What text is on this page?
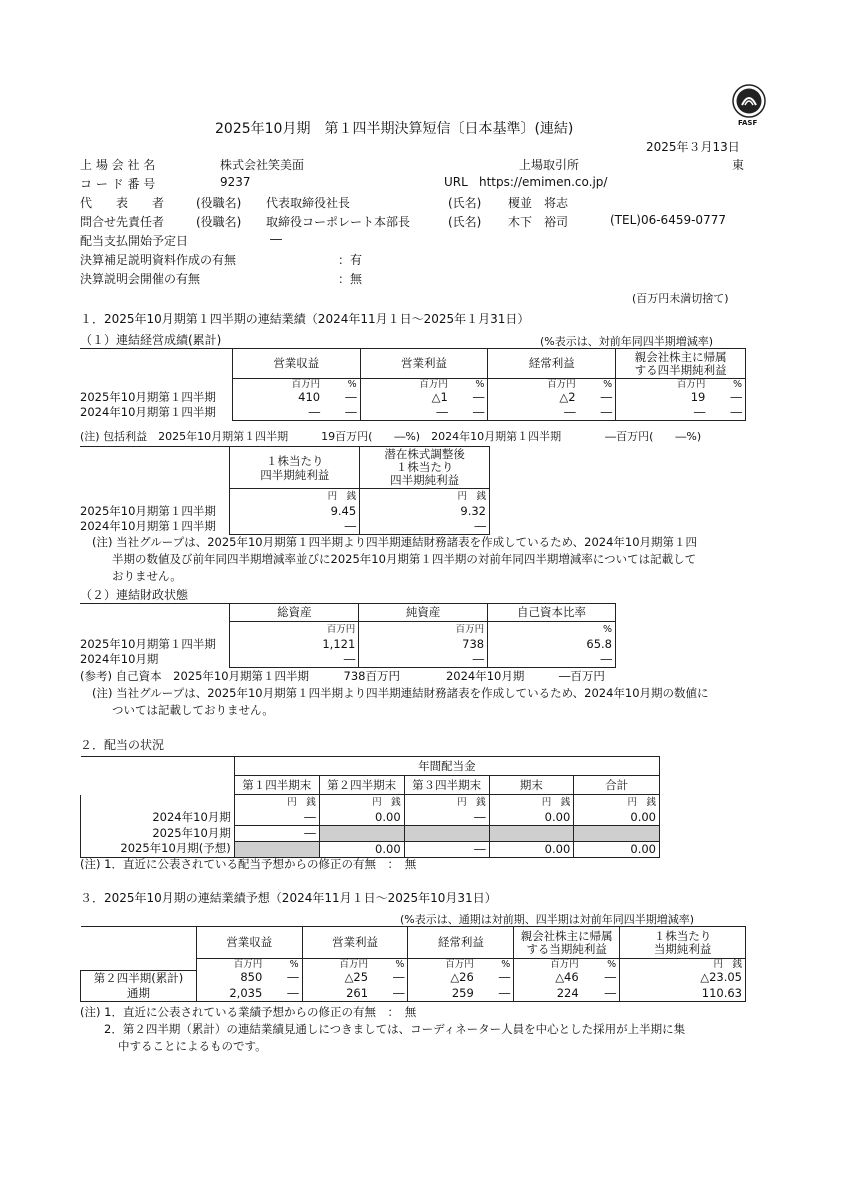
FASF
2025年10月期　第１四半期決算短信〔日本基準〕(連結)
2025年３月13日
上 場 会 社 名	株式会社笑美面	上場取引所	東
コ ー ド 番 号	9237	URL https://emimen.co.jp/
代　　表　　者	(役職名) 代表取締役社長	(氏名) 榎並　将志
問合せ先責任者	(役職名) 取締役コーポレート本部長	(氏名) 木下　裕司	(TEL)06-6459-0777
配当支払開始予定日	―
決算補足説明資料作成の有無	：有
決算説明会開催の有無	：無
(百万円未満切捨て)
１．2025年10月期第１四半期の連結業績（2024年11月１日～2025年１月31日）
（１）連結経営成績(累計)	(%表示は、対前年同四半期増減率)
	営業収益		営業利益		経常利益		親会社株主に帰属
する四半期純利益	
	百万円	%	百万円	%	百万円	%	百万円	%
2025年10月期第１四半期	410	―	△1	―	△2	―	19	―
2024年10月期第１四半期	―	―	―	―	―	―	―	―
(注) 包括利益　2025年10月期第１四半期　　　19百万円(　　―%)　2024年10月期第１四半期　　　　―百万円(　　―%)
	１株当たり
四半期純利益	潜在株式調整後
１株当たり
四半期純利益
	円　銭	円　銭
2025年10月期第１四半期	9.45	9.32
2024年10月期第１四半期	―	―
(注) 当社グループは、2025年10月期第１四半期より四半期連結財務諸表を作成しているため、2024年10月期第１四
半期の数値及び前年同四半期増減率並びに2025年10月期第１四半期の対前年同四半期増減率については記載して
おりません。
（２）連結財政状態
	総資産	純資産	自己資本比率
	百万円	百万円	%
2025年10月期第１四半期	1,121	738	65.8
2024年10月期	―	―	―
(参考) 自己資本　2025年10月期第１四半期　　　738百万円　　　　2024年10月期　　　―百万円
(注) 当社グループは、2025年10月期第１四半期より四半期連結財務諸表を作成しているため、2024年10月期の数値に
ついては記載しておりません。
２．配当の状況
	年間配当金				
	第１四半期末	第２四半期末	第３四半期末	期末	合計
	円　銭	円　銭	円　銭	円　銭	円　銭
2024年10月期	―	0.00	―	0.00	0.00
2025年10月期	―				
2025年10月期(予想)		0.00	―	0.00	0.00
(注) 1．直近に公表されている配当予想からの修正の有無　：　無
３．2025年10月期の連結業績予想（2024年11月１日～2025年10月31日）
(%表示は、通期は対前期、四半期は対前年同四半期増減率)
	営業収益		営業利益		経常利益		親会社株主に帰属
する当期純利益		１株当たり
当期純利益
	百万円	%	百万円	%	百万円	%	百万円	%	円　銭
第２四半期(累計)	850	―	△25	―	△26	―	△46	―	△23.05
通期	2,035	―	261	―	259	―	224	―	110.63
(注) 1．直近に公表されている業績予想からの修正の有無　：　無
2．第２四半期（累計）の連結業績見通しにつきましては、コーディネーター人員を中心とした採用が上半期に集
中することによるものです。
